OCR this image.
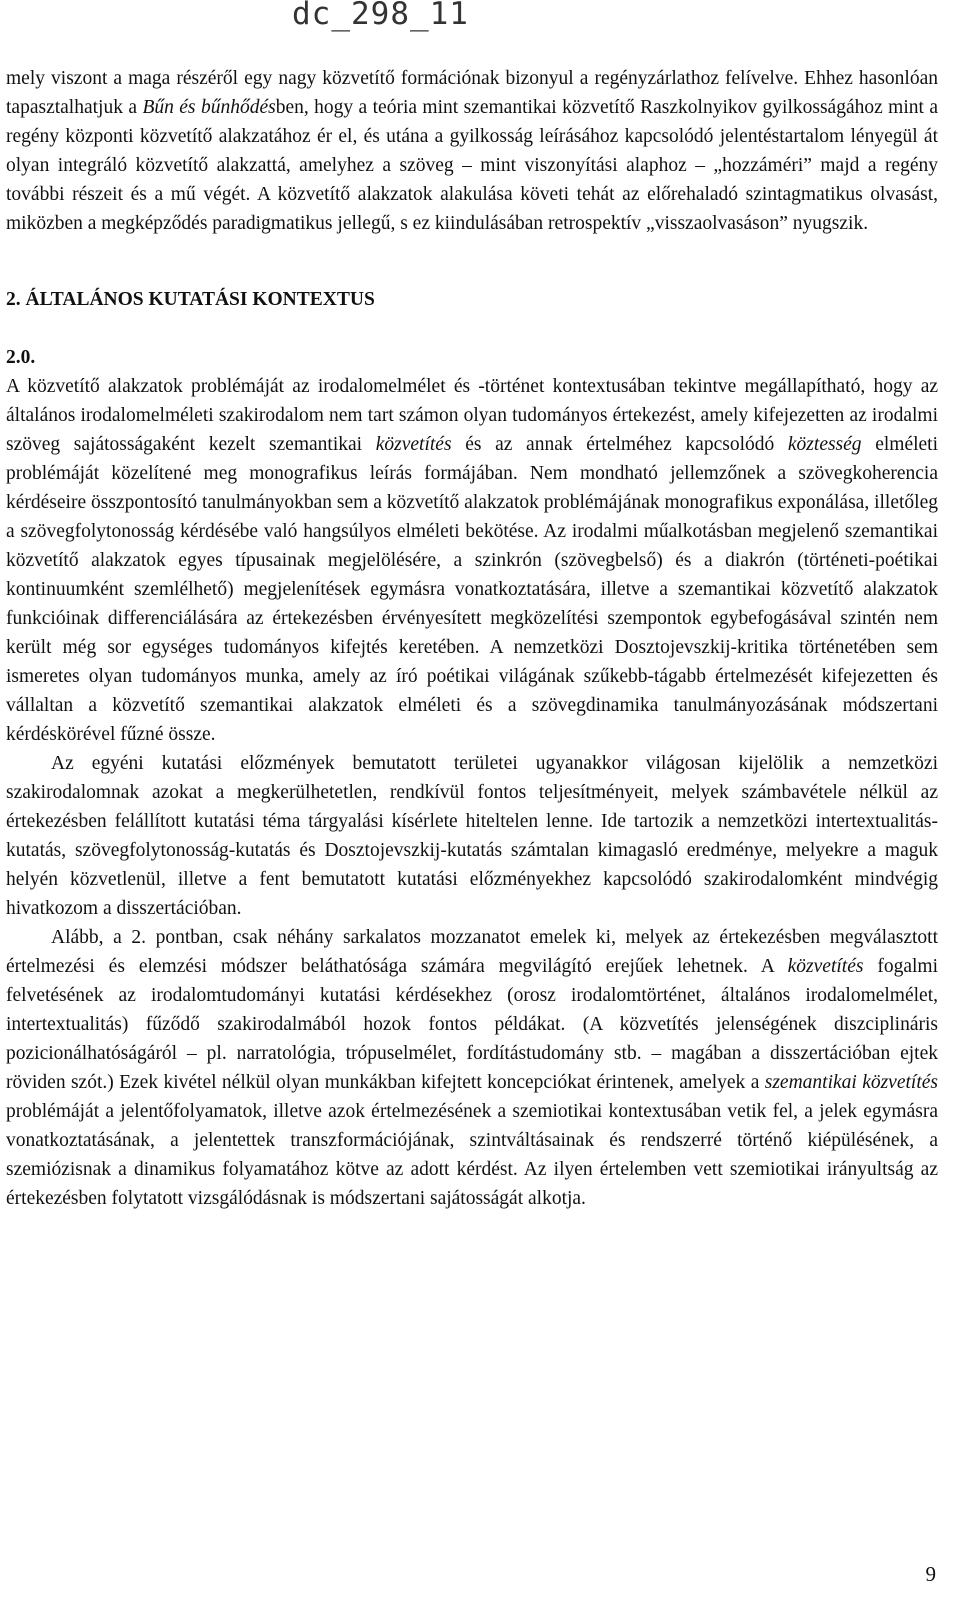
dc_298_11

mely viszont a maga részéről egy nagy közvetítő formációnak bizonyul a regényzárlathoz felívelve. Ehhez hasonlóan tapasztalhatjuk a Bűn és bűnhődésben, hogy a teória mint szemantikai közvetítő Raszkolnyikov gyilkosságához mint a regény központi közvetítő alakzatához ér el, és utána a gyilkosság leírásához kapcsolódó jelentéstartalom lényegül át olyan integráló közvetítő alakzattá, amelyhez a szöveg – mint viszonyítási alaphoz – „hozzáméri” majd a regény további részeit és a mű végét. A közvetítő alakzatok alakulása követi tehát az előrehaladó szintagmatikus olvasást, miközben a megképződés paradigmatikus jellegű, s ez kiindulásában retrospektív „visszaolvasáson” nyugszik.

2. ÁLTALÁNOS KUTATÁSI KONTEXTUS
2.0.

A közvetítő alakzatok problémáját az irodalomelmélet és -történet kontextusában tekintve megállapítható, hogy az általános irodalomelméleti szakirodalom nem tart számon olyan tudományos értekezést, amely kifejezetten az irodalmi szöveg sajátosságaként kezelt szemantikai közvetítés és az annak értelméhez kapcsolódó köztesség elméleti problémáját közelítené meg monografikus leírás formájában. Nem mondható jellemzőnek a szövegkoherencia kérdéseire összpontosító tanulmányokban sem a közvetítő alakzatok problémájának monografikus exponálása, illetőleg a szövegfolytonosság kérdésébe való hangsúlyos elméleti bekötése. Az irodalmi műalkotásban megjelenő szemantikai közvetítő alakzatok egyes típusainak megjelölésére, a szinkrón (szövegbelső) és a diakrón (történeti-poétikai kontinuumként szemlélhető) megjelenítések egymásra vonatkoztatására, illetve a szemantikai közvetítő alakzatok funkcióinak differenciálására az értekezésben érvényesített megközelítési szempontok egybefogásával szintén nem került még sor egységes tudományos kifejtés keretében. A nemzetközi Dosztojevszkij-kritika történetében sem ismeretes olyan tudományos munka, amely az író poétikai világának szűkebb-tágabb értelmezését kifejezetten és vállaltan a közvetítő szemantikai alakzatok elméleti és a szövegdinamika tanulmányozásának módszertani kérdéskörével fűzné össze.

Az egyéni kutatási előzmények bemutatott területei ugyanakkor világosan kijelölik a nemzetközi szakirodalomnak azokat a megkerülhetetlen, rendkívül fontos teljesítményeit, melyek számbavétele nélkül az értekezésben felállított kutatási téma tárgyalási kísérlete hiteltelen lenne. Ide tartozik a nemzetközi intertextualitás-kutatás, szövegfolytonosság-kutatás és Dosztojevszkij-kutatás számtalan kimagasló eredménye, melyekre a maguk helyén közvetlenül, illetve a fent bemutatott kutatási előzményekhez kapcsolódó szakirodalomként mindvégig hivatkozom a disszertációban.

Alább, a 2. pontban, csak néhány sarkalatos mozzanatot emelek ki, melyek az értekezésben megválasztott értelmezési és elemzési módszer beláthatósága számára megvilágító erejűek lehetnek. A közvetítés fogalmi felvetésének az irodalomtudományi kutatási kérdésekhez (orosz irodalomtörténet, általános irodalomelmélet, intertextualitás) fűződő szakirodalmából hozok fontos példákat. (A közvetítés jelenségének diszciplináris pozicionálhatóságáról – pl. narratológia, trópuselmélet, fordítástudomány stb. – magában a disszertációban ejtek röviden szót.) Ezek kivétel nélkül olyan munkákban kifejtett koncepciókat érintenek, amelyek a szemantikai közvetítés problémáját a jelentőfolyamatok, illetve azok értelmezésének a szemiotikai kontextusában vetik fel, a jelek egymásra vonatkoztatásának, a jelentettek transzformációjának, szintváltásainak és rendszerré történő kiépülésének, a szemiózisnak a dinamikus folyamatához kötve az adott kérdést. Az ilyen értelemben vett szemiotikai irányultság az értekezésben folytatott vizsgálódásnak is módszertani sajátosságát alkotja.

9
